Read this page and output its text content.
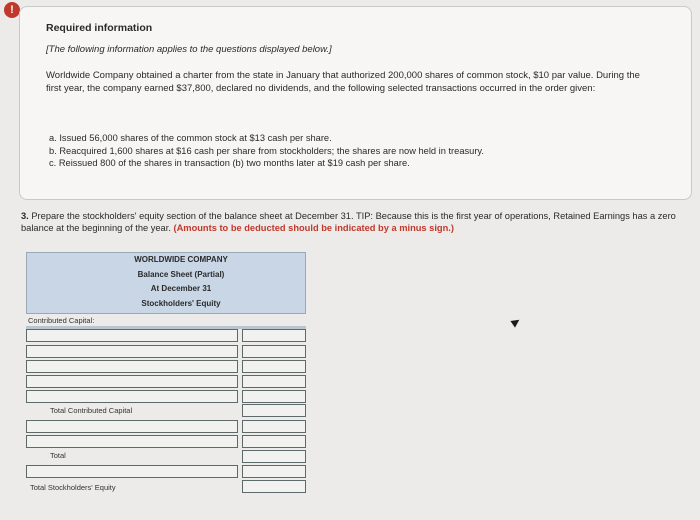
!
Required information
[The following information applies to the questions displayed below.]
Worldwide Company obtained a charter from the state in January that authorized 200,000 shares of common stock, $10 par value. During the first year, the company earned $37,800, declared no dividends, and the following selected transactions occurred in the order given:
a. Issued 56,000 shares of the common stock at $13 cash per share.
b. Reacquired 1,600 shares at $16 cash per share from stockholders; the shares are now held in treasury.
c. Reissued 800 of the shares in transaction (b) two months later at $19 cash per share.
3. Prepare the stockholders' equity section of the balance sheet at December 31. TIP: Because this is the first year of operations, Retained Earnings has a zero balance at the beginning of the year. (Amounts to be deducted should be indicated by a minus sign.)
WORLDWIDE COMPANY
Balance Sheet (Partial)
At December 31
Stockholders' Equity
Contributed Capital:
Total Contributed Capital
Total
Total Stockholders' Equity
